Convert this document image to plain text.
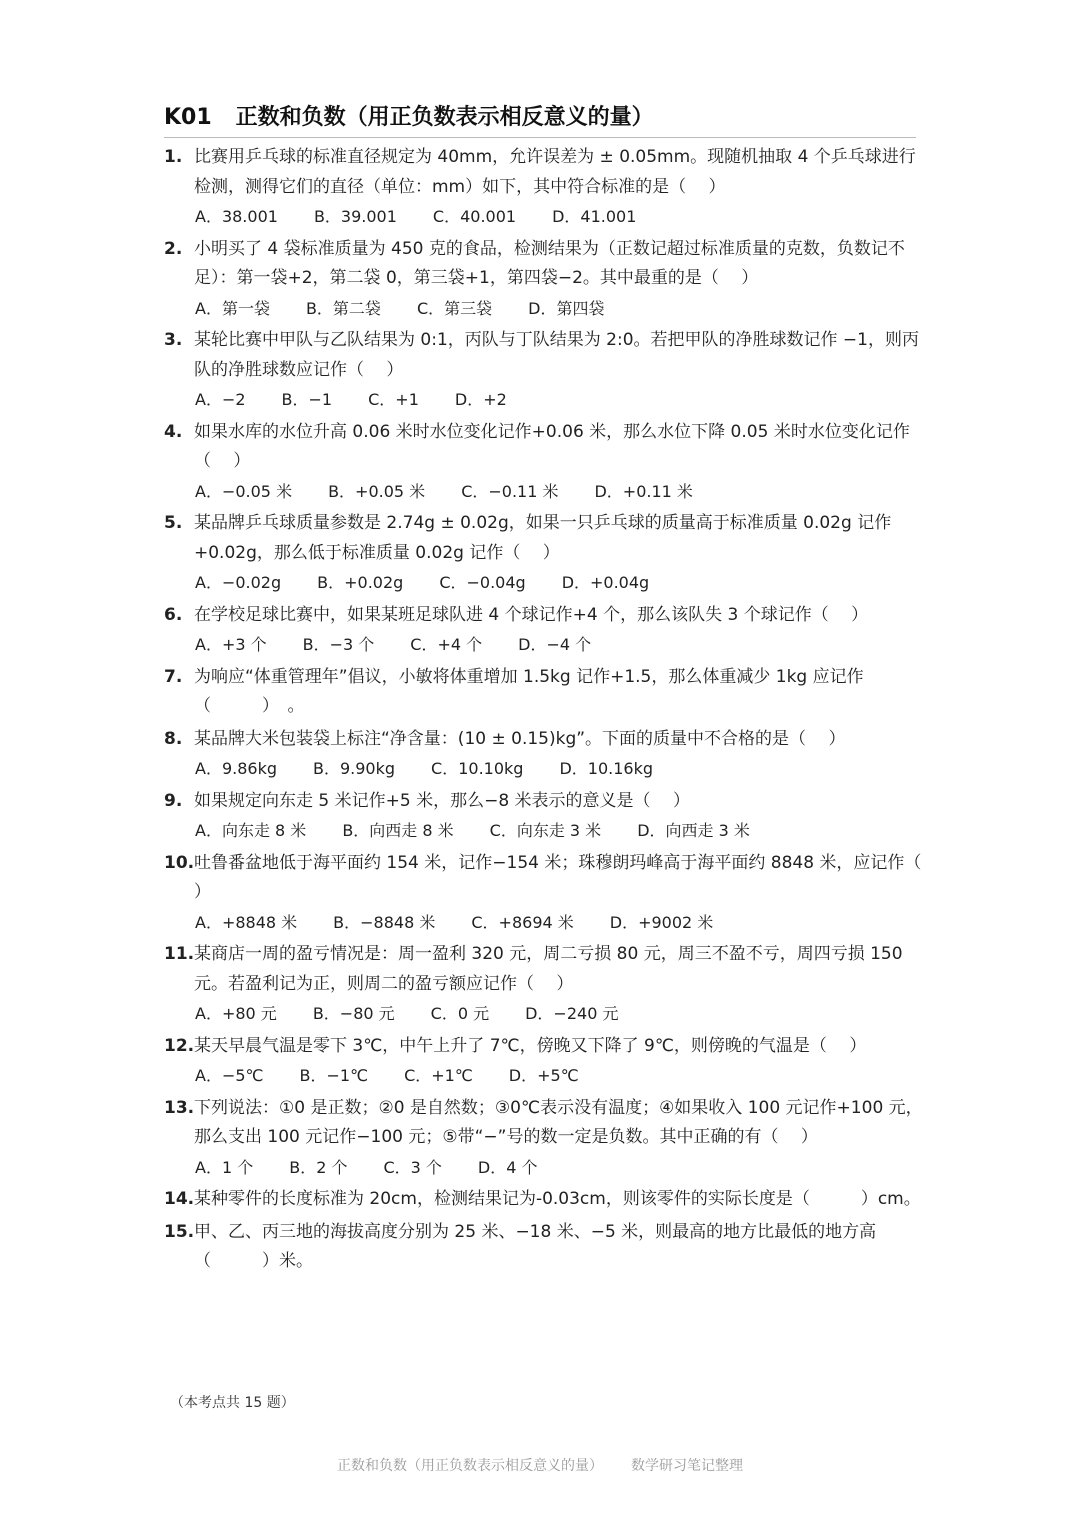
K01 正数和负数（用正负数表示相反意义的量）
1. 比赛用乒乓球的标准直径规定为 40mm，允许误差为 ± 0.05mm。现随机抽取 4 个乒乓球进行检测，测得它们的直径（单位：mm）如下，其中符合标准的是（　 ）
A．38.001 B．39.001 C．40.001 D．41.001
2. 小明买了 4 袋标准质量为 450 克的食品，检测结果为（正数记超过标准质量的克数，负数记不足）：第一袋+2，第二袋 0，第三袋+1，第四袋−2。其中最重的是（　 ）
A．第一袋 B．第二袋 C．第三袋 D．第四袋
3. 某轮比赛中甲队与乙队结果为 0:1，丙队与丁队结果为 2:0。若把甲队的净胜球数记作 −1，则丙队的净胜球数应记作（　 ）
A．−2 B．−1 C．+1 D．+2
4. 如果水库的水位升高 0.06 米时水位变化记作+0.06 米，那么水位下降 0.05 米时水位变化记作（　 ）
A．−0.05 米 B．+0.05 米 C．−0.11 米 D．+0.11 米
5. 某品牌乒乓球质量参数是 2.74g ± 0.02g，如果一只乒乓球的质量高于标准质量 0.02g 记作+0.02g，那么低于标准质量 0.02g 记作（　 ）
A．−0.02g B．+0.02g C．−0.04g D．+0.04g
6. 在学校足球比赛中，如果某班足球队进 4 个球记作+4 个，那么该队失 3 个球记作（　 ）
A．+3 个 B．−3 个 C．+4 个 D．−4 个
7. 为响应“体重管理年”倡议，小敏将体重增加 1.5kg 记作+1.5，那么体重减少 1kg 应记作（　　　）　。
8. 某品牌大米包装袋上标注“净含量：(10 ± 0.15)kg”。下面的质量中不合格的是（　 ）
A．9.86kg B．9.90kg C．10.10kg D．10.16kg
9. 如果规定向东走 5 米记作+5 米，那么−8 米表示的意义是（　 ）
A．向东走 8 米 B．向西走 8 米 C．向东走 3 米 D．向西走 3 米
10. 吐鲁番盆地低于海平面约 154 米，记作−154 米；珠穆朗玛峰高于海平面约 8848 米，应记作（　 ）
A．+8848 米 B．−8848 米 C．+8694 米 D．+9002 米
11. 某商店一周的盈亏情况是：周一盈利 320 元，周二亏损 80 元，周三不盈不亏，周四亏损 150 元。若盈利记为正，则周二的盈亏额应记作（　 ）
A．+80 元 B．−80 元 C．0 元 D．−240 元
12. 某天早晨气温是零下 3℃，中午上升了 7℃，傍晚又下降了 9℃，则傍晚的气温是（　 ）
A．−5℃ B．−1℃ C．+1℃ D．+5℃
13. 下列说法：①0 是正数；②0 是自然数；③0℃表示没有温度；④如果收入 100 元记作+100 元，那么支出 100 元记作−100 元；⑤带“−”号的数一定是负数。其中正确的有（　 ）
A．1 个 B．2 个 C．3 个 D．4 个
14. 某种零件的长度标准为 20cm，检测结果记为-0.03cm，则该零件的实际长度是（　　　）cm。
15. 甲、乙、丙三地的海拔高度分别为 25 米、−18 米、−5 米，则最高的地方比最低的地方高 （　　　）米。
（本考点共 15 题）
正数和负数（用正负数表示相反意义的量） 数学研习笔记整理
